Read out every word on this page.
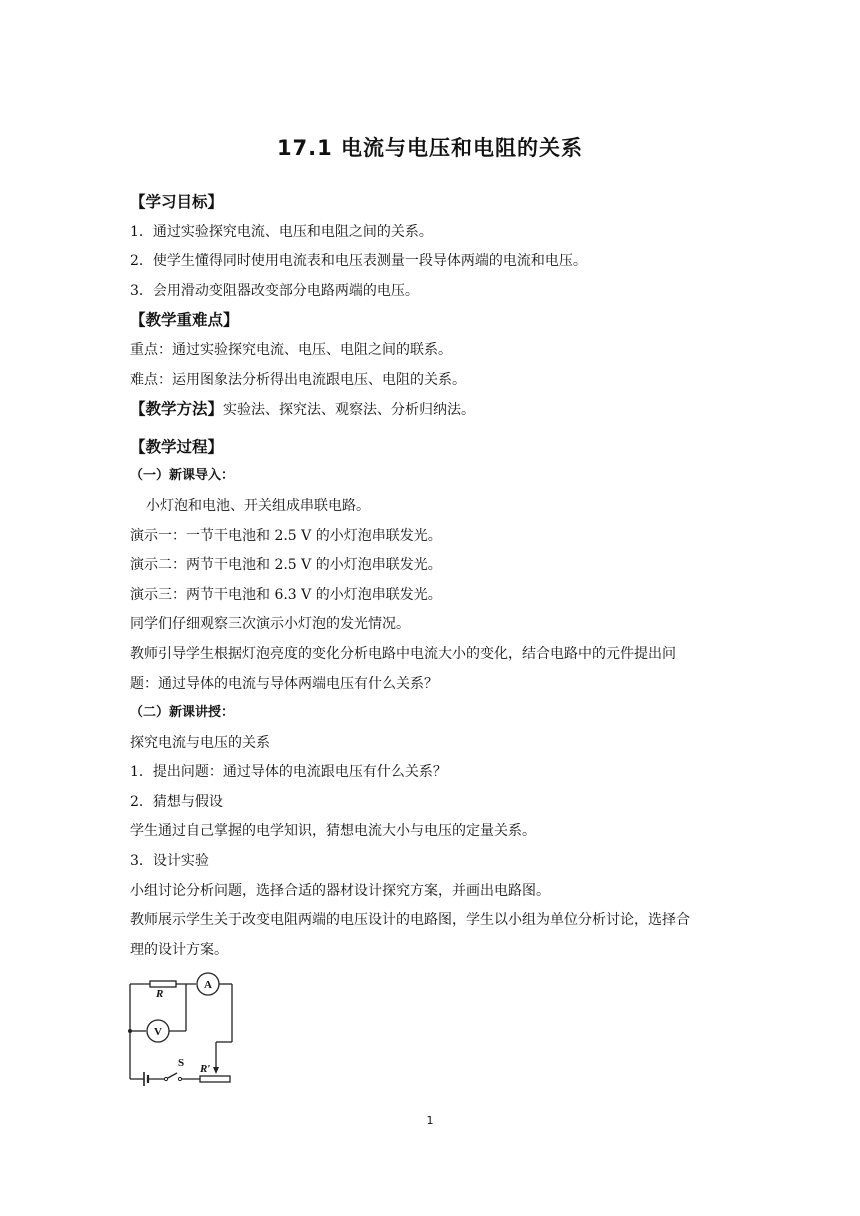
17.1 电流与电压和电阻的关系
【学习目标】
1．通过实验探究电流、电压和电阻之间的关系。
2．使学生懂得同时使用电流表和电压表测量一段导体两端的电流和电压。
3．会用滑动变阻器改变部分电路两端的电压。
【教学重难点】
重点：通过实验探究电流、电压、电阻之间的联系。
难点：运用图象法分析得出电流跟电压、电阻的关系。
【教学方法】实验法、探究法、观察法、分析归纳法。
【教学过程】
（一）新课导入：
小灯泡和电池、开关组成串联电路。
演示一：一节干电池和 2.5 V 的小灯泡串联发光。
演示二：两节干电池和 2.5 V 的小灯泡串联发光。
演示三：两节干电池和 6.3 V 的小灯泡串联发光。
同学们仔细观察三次演示小灯泡的发光情况。
教师引导学生根据灯泡亮度的变化分析电路中电流大小的变化，结合电路中的元件提出问
题：通过导体的电流与导体两端电压有什么关系？
（二）新课讲授：
探究电流与电压的关系
1．提出问题：通过导体的电流跟电压有什么关系？
2．猜想与假设
学生通过自己掌握的电学知识，猜想电流大小与电压的定量关系。
3．设计实验
小组讨论分析问题，选择合适的器材设计探究方案，并画出电路图。
教师展示学生关于改变电阻两端的电压设计的电路图，学生以小组为单位分析讨论，选择合
理的设计方案。
R
A
V
S R′
1
